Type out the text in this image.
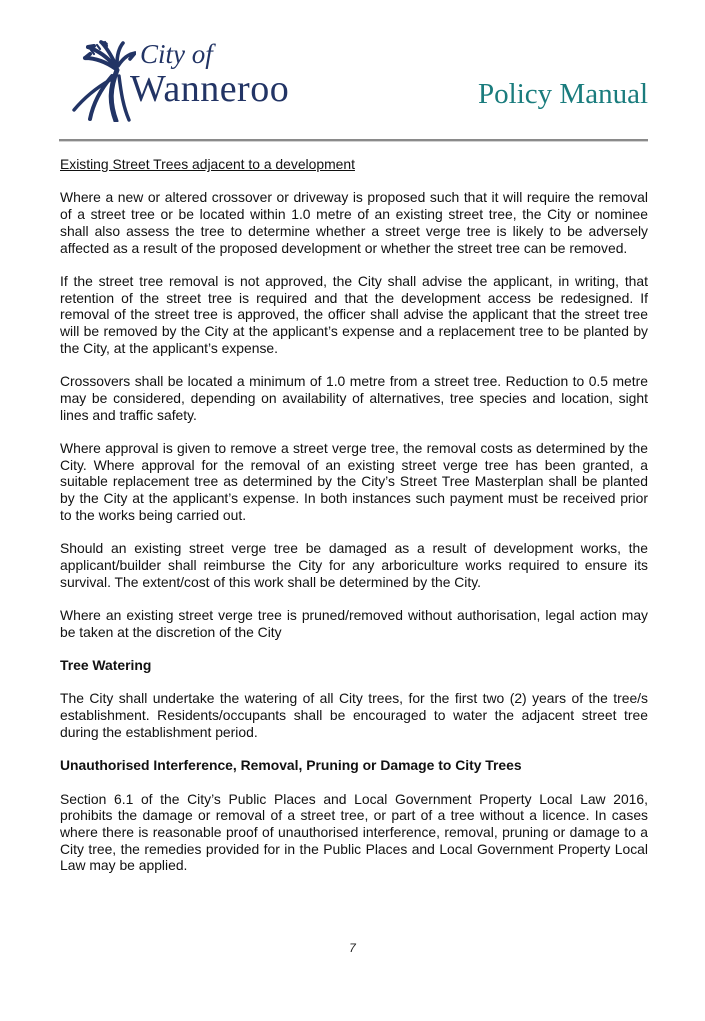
City of
Wanneroo	Policy Manual
Existing Street Trees adjacent to a development
Where a new or altered crossover or driveway is proposed such that it will require the removal of a street tree or be located within 1.0 metre of an existing street tree, the City or nominee shall also assess the tree to determine whether a street verge tree is likely to be adversely affected as a result of the proposed development or whether the street tree can be removed.
If the street tree removal is not approved, the City shall advise the applicant, in writing, that retention of the street tree is required and that the development access be redesigned. If removal of the street tree is approved, the officer shall advise the applicant that the street tree will be removed by the City at the applicant’s expense and a replacement tree to be planted by the City, at the applicant’s expense.
Crossovers shall be located a minimum of 1.0 metre from a street tree. Reduction to 0.5 metre may be considered, depending on availability of alternatives, tree species and location, sight lines and traffic safety.
Where approval is given to remove a street verge tree, the removal costs as determined by the City. Where approval for the removal of an existing street verge tree has been granted, a suitable replacement tree as determined by the City’s Street Tree Masterplan shall be planted by the City at the applicant’s expense. In both instances such payment must be received prior to the works being carried out.
Should an existing street verge tree be damaged as a result of development works, the applicant/builder shall reimburse the City for any arboriculture works required to ensure its survival. The extent/cost of this work shall be determined by the City.
Where an existing street verge tree is pruned/removed without authorisation, legal action may be taken at the discretion of the City
Tree Watering
The City shall undertake the watering of all City trees, for the first two (2) years of the tree/s establishment. Residents/occupants shall be encouraged to water the adjacent street tree during the establishment period.
Unauthorised Interference, Removal, Pruning or Damage to City Trees
Section 6.1 of the City’s Public Places and Local Government Property Local Law 2016, prohibits the damage or removal of a street tree, or part of a tree without a licence. In cases where there is reasonable proof of unauthorised interference, removal, pruning or damage to a City tree, the remedies provided for in the Public Places and Local Government Property Local Law may be applied.
7
